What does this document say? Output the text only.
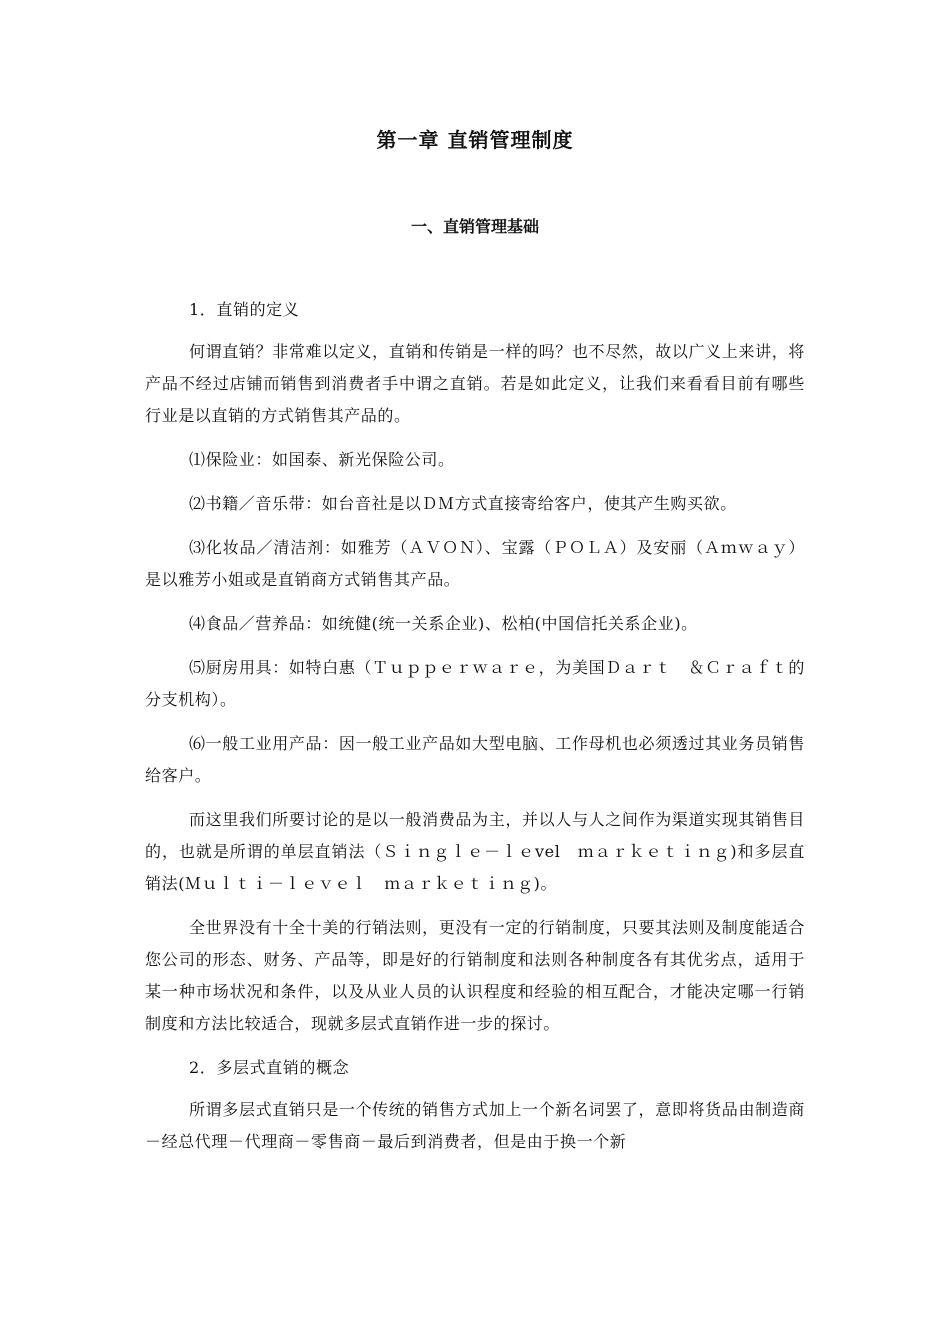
第一章 直销管理制度
一、直销管理基础

1．直销的定义

何谓直销？非常难以定义，直销和传销是一样的吗？也不尽然，故以广义上来讲，将产品不经过店铺而销售到消费者手中谓之直销。若是如此定义，让我们来看看目前有哪些行业是以直销的方式销售其产品的。

⑴保险业：如国泰、新光保险公司。

⑵书籍／音乐带：如台音社是以ＤＭ方式直接寄给客户，使其产生购买欲。

⑶化妆品／清洁剂：如雅芳（ＡＶＯＮ）、宝露（ＰＯＬＡ）及安丽（Ａｍｗａｙ）是以雅芳小姐或是直销商方式销售其产品。

⑷食品／营养品：如统健(统一关系企业)、松柏(中国信托关系企业)。

⑸厨房用具：如特白惠（Ｔｕｐｐｅｒｗａｒｅ，为美国Ｄａｒｔ　＆Ｃｒａｆｔ的分支机构）。

⑹一般工业用产品：因一般工业产品如大型电脑、工作母机也必须透过其业务员销售给客户。

而这里我们所要讨论的是以一般消费品为主，并以人与人之间作为渠道实现其销售目的，也就是所谓的单层直销法（Ｓｉｎｇｌｅ－ｌｅvel　ｍａｒｋｅｔｉｎｇ)和多层直销法(Ｍｕｌｔｉ－ｌｅｖｅｌ　ｍａｒｋｅｔｉｎｇ)。

全世界没有十全十美的行销法则，更没有一定的行销制度，只要其法则及制度能适合您公司的形态、财务、产品等，即是好的行销制度和法则各种制度各有其优劣点，适用于某一种市场状况和条件，以及从业人员的认识程度和经验的相互配合，才能决定哪一行销制度和方法比较适合，现就多层式直销作进一步的探讨。

2．多层式直销的概念

所谓多层式直销只是一个传统的销售方式加上一个新名词罢了，意即将货品由制造商－经总代理－代理商－零售商－最后到消费者，但是由于换一个新
